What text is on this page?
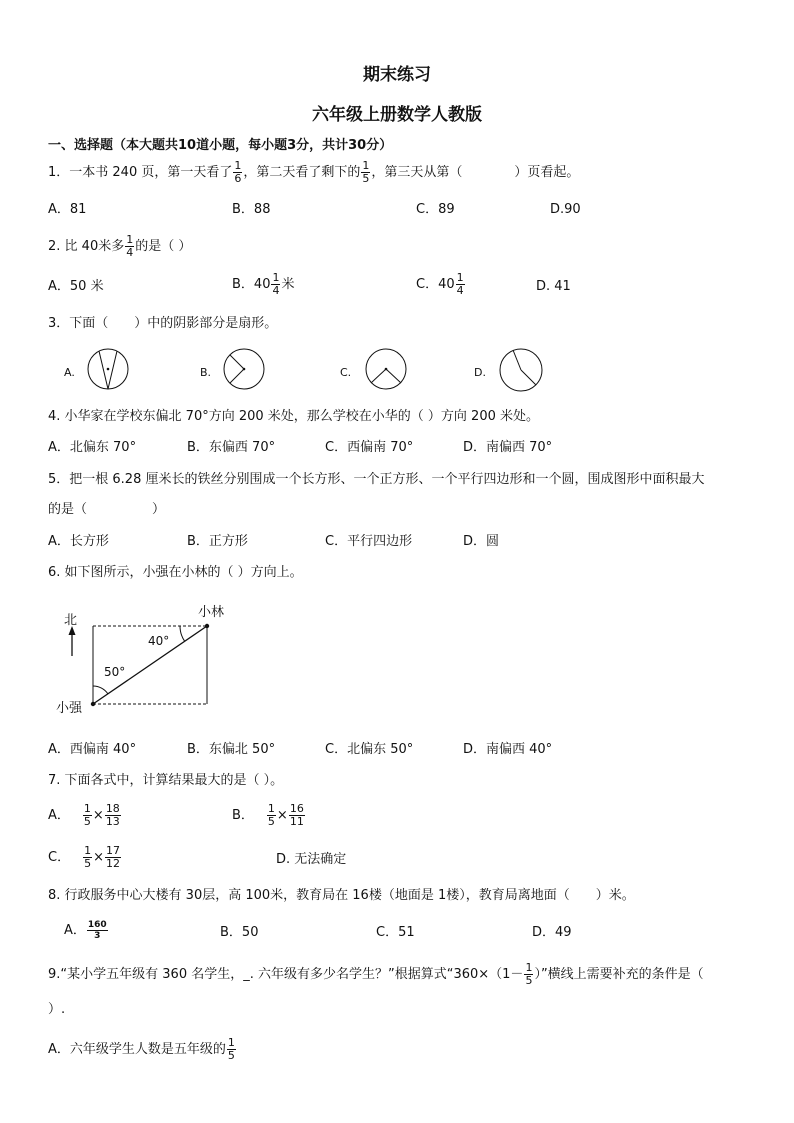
期末练习
六年级上册数学人教版
一、选择题（本大题共10道小题，每小题3分，共计30分）
1．一本书 240 页，第一天看了 $\frac{1}{6}$ ，第二天看了剩下的 $\frac{1}{5}$ ，第三天从第（　　　　）页看起。
A．81	B．88	C．89	D.90
2. 比 40米多 $\frac{1}{4}$ 的是（ ）
A．50 米	B． $40 \frac{1}{4}$ 米	C． $40 \frac{1}{4}$	D. 41
3．下面（　　）中的阴影部分是扇形。
A.	B.	C.	D.
4. 小华家在学校东偏北 70°方向 200 米处，那么学校在小华的（ ）方向 200 米处。
A．北偏东 70°	B．东偏西 70°	C．西偏南 70°	D．南偏西 70°
5．把一根 6.28 厘米长的铁丝分别围成一个长方形、一个正方形、一个平行四边形和一个圆，围成图形中面积最大
的是（　　　　　）
A．长方形	B．正方形	C．平行四边形	D．圆
6. 如下图所示，小强在小林的（ ）方向上。
北
40°
50°
小林
小强
A．西偏南 40°	B．东偏北 50°	C．北偏东 50°	D．南偏西 40°
7. 下面各式中，计算结果最大的是（ ）。
A． $\frac{1}{5} \times \frac{18}{13}$	B． $\frac{1}{5} \times \frac{16}{11}$
C． $\frac{1}{5} \times \frac{17}{12}$	D. 无法确定
8. 行政服务中心大楼有 30层，高 100米，教育局在 16楼（地面是 1楼），教育局离地面（　　）米。
A． $\frac{160}{3}$	B．50	C．51	D．49
9.“某小学五年级有 360 名学生，_. 六年级有多少名学生？”根据算式“$360\times(1- \frac{1}{5}$ ）”横线上需要补充的条件是（
）.
A．六年级学生人数是五年级的 $\frac{1}{5}$
